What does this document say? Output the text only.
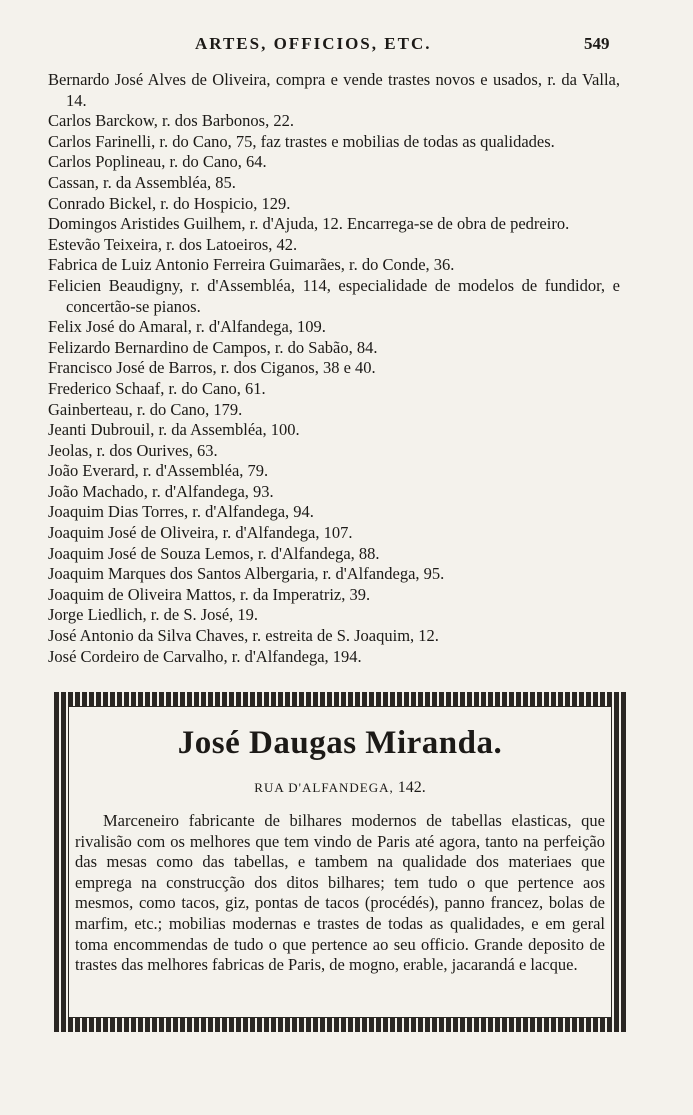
ARTES, OFFICIOS, ETC.	549
Bernardo José Alves de Oliveira, compra e vende trastes novos e usados, r. da Valla, 14.
Carlos Barckow, r. dos Barbonos, 22.
Carlos Farinelli, r. do Cano, 75, faz trastes e mobilias de todas as qualidades.
Carlos Poplineau, r. do Cano, 64.
Cassan, r. da Assembléa, 85.
Conrado Bickel, r. do Hospicio, 129.
Domingos Aristides Guilhem, r. d'Ajuda, 12. Encarrega-se de obra de pedreiro.
Estevão Teixeira, r. dos Latoeiros, 42.
Fabrica de Luiz Antonio Ferreira Guimarães, r. do Conde, 36.
Felicien Beaudigny, r. d'Assembléa, 114, especialidade de modelos de fundidor, e concertão-se pianos.
Felix José do Amaral, r. d'Alfandega, 109.
Felizardo Bernardino de Campos, r. do Sabão, 84.
Francisco José de Barros, r. dos Ciganos, 38 e 40.
Frederico Schaaf, r. do Cano, 61.
Gainberteau, r. do Cano, 179.
Jeanti Dubrouil, r. da Assembléa, 100.
Jeolas, r. dos Ourives, 63.
João Everard, r. d'Assembléa, 79.
João Machado, r. d'Alfandega, 93.
Joaquim Dias Torres, r. d'Alfandega, 94.
Joaquim José de Oliveira, r. d'Alfandega, 107.
Joaquim José de Souza Lemos, r. d'Alfandega, 88.
Joaquim Marques dos Santos Albergaria, r. d'Alfandega, 95.
Joaquim de Oliveira Mattos, r. da Imperatriz, 39.
Jorge Liedlich, r. de S. José, 19.
José Antonio da Silva Chaves, r. estreita de S. Joaquim, 12.
José Cordeiro de Carvalho, r. d'Alfandega, 194.
José Daugas Miranda.
RUA D'ALFANDEGA, 142.
Marceneiro fabricante de bilhares modernos de tabellas elasticas, que rivalisão com os melhores que tem vindo de Paris até agora, tanto na perfeição das mesas como das tabellas, e tambem na qualidade dos materiaes que emprega na construcção dos ditos bilhares; tem tudo o que pertence aos mesmos, como tacos, giz, pontas de tacos (procédés), panno francez, bolas de marfim, etc.; mobilias modernas e trastes de todas as qualidades, e em geral toma encommendas de tudo o que pertence ao seu officio. Grande deposito de trastes das melhores fabricas de Paris, de mogno, erable, jacarandá e lacque.
